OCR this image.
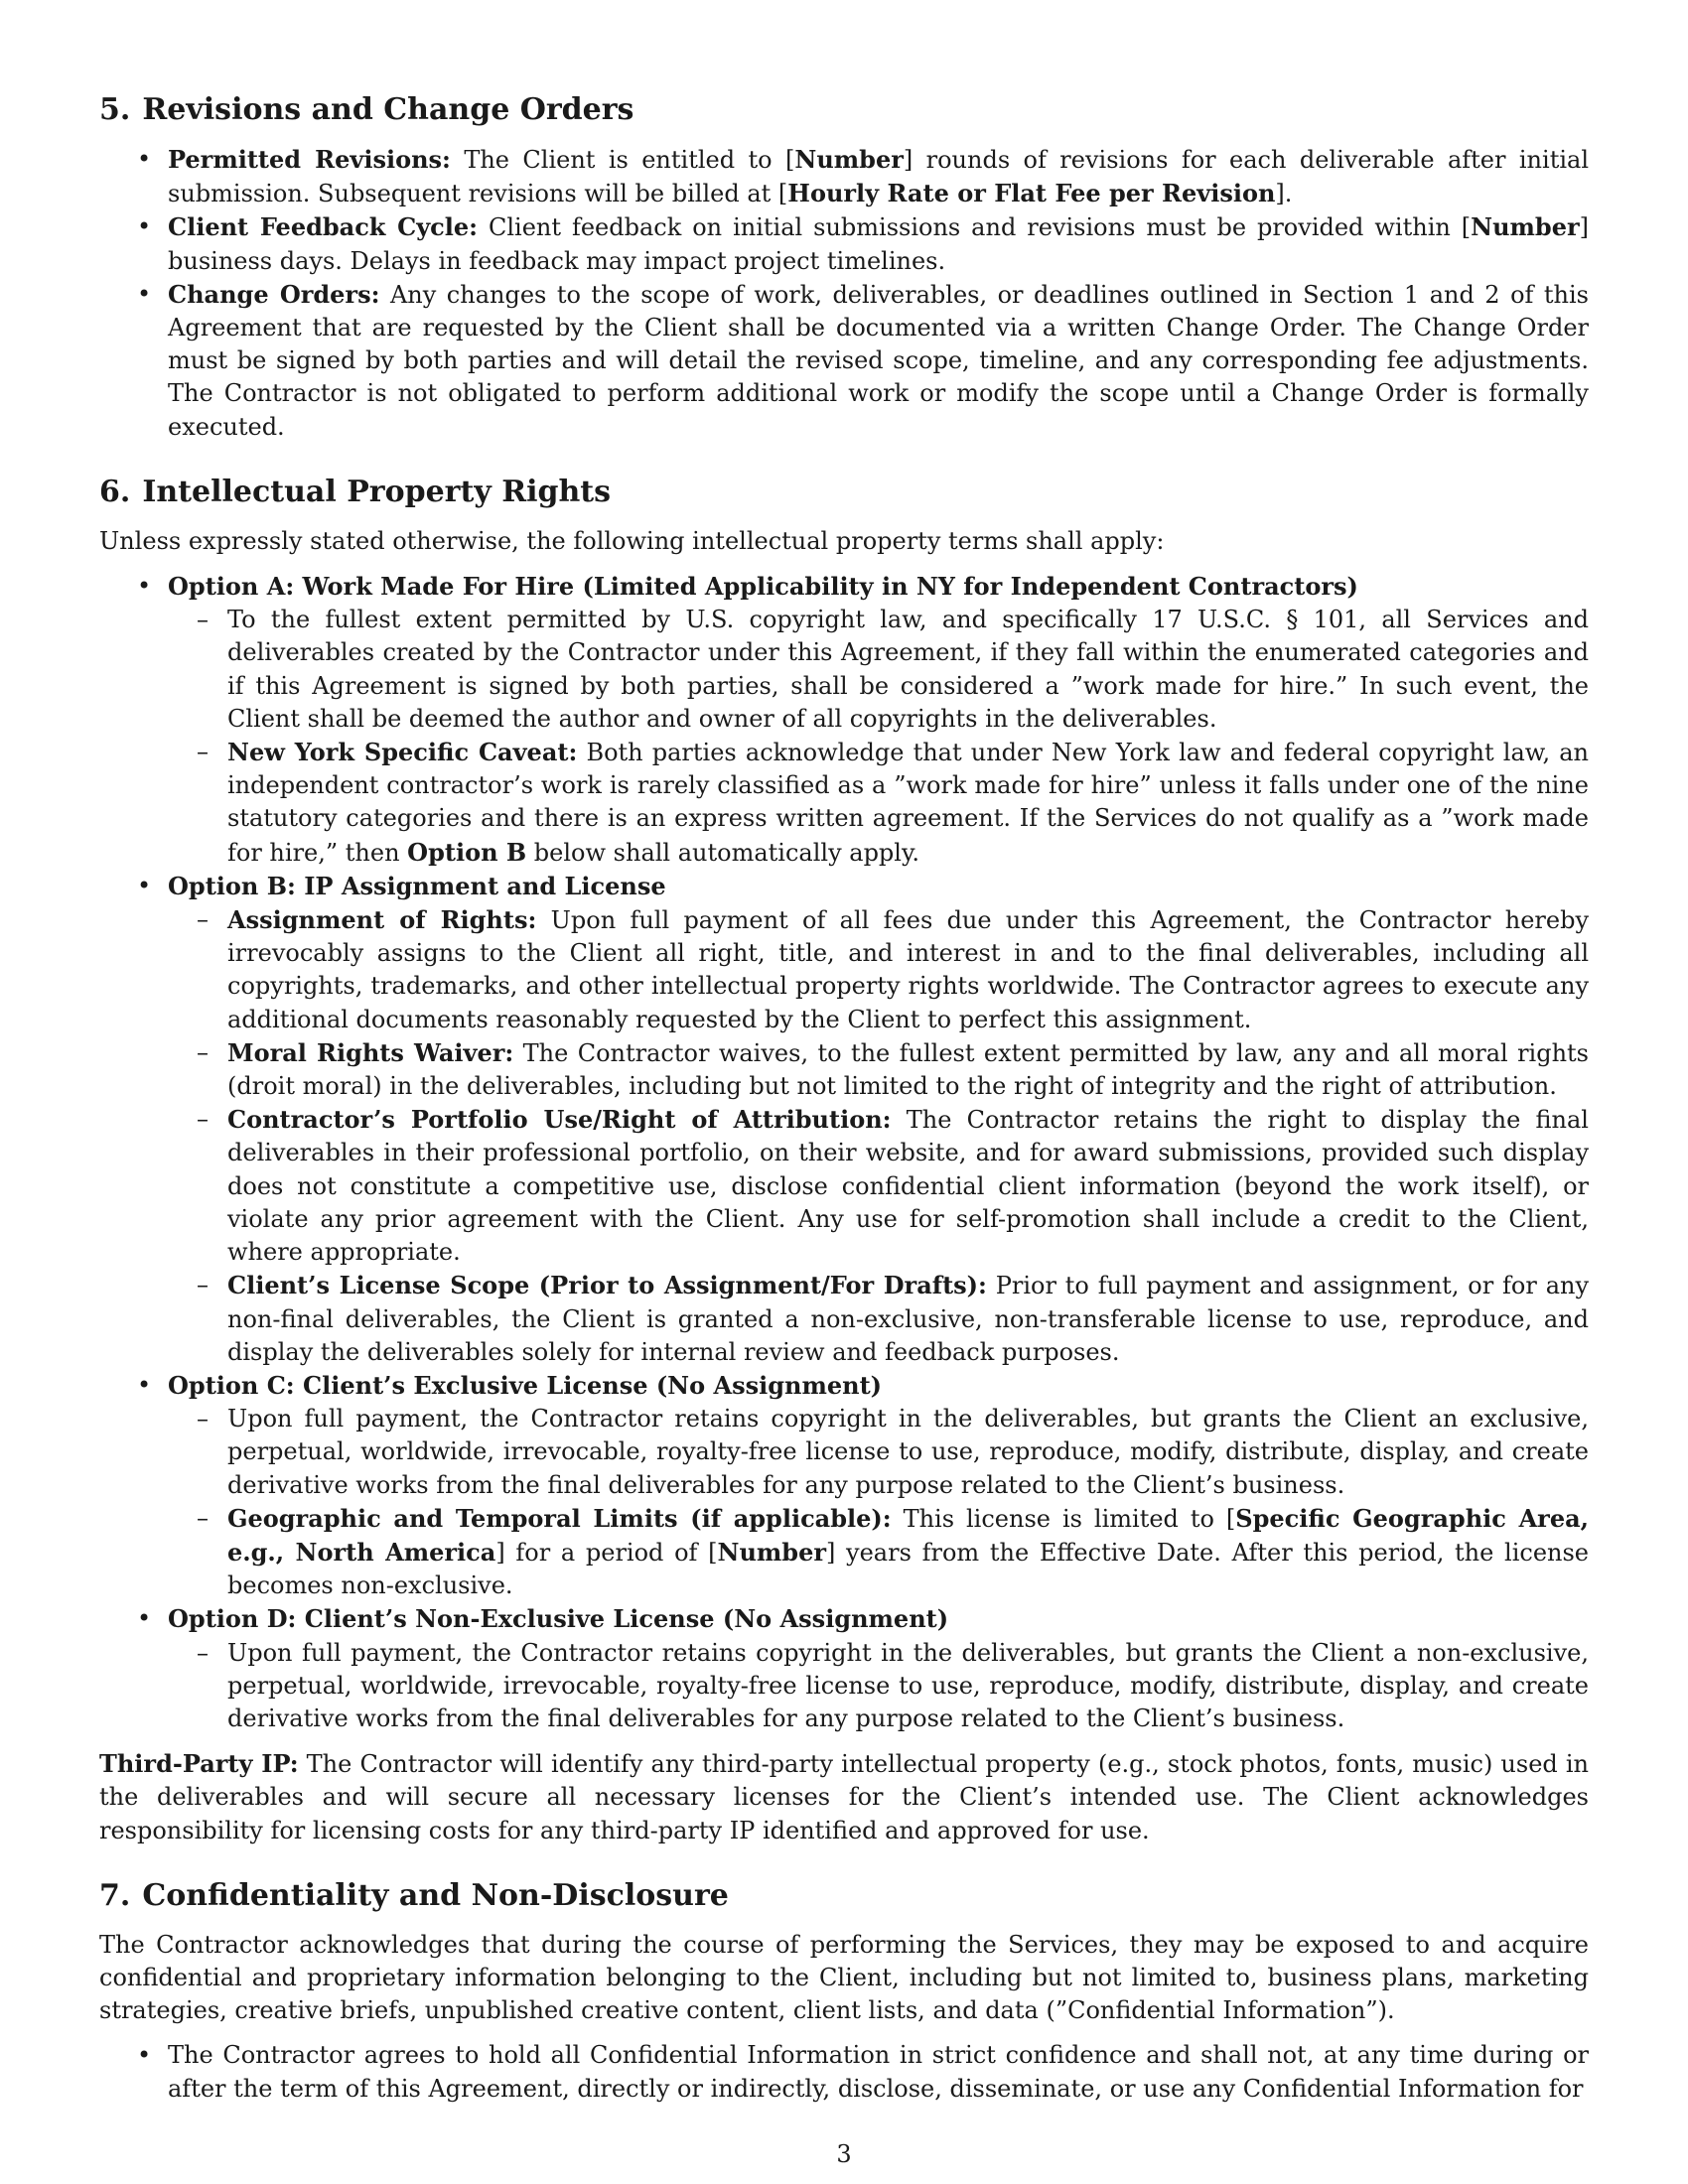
5. Revisions and Change Orders
• Permitted Revisions: The Client is entitled to [Number] rounds of revisions for each deliverable after initial submission. Subsequent revisions will be billed at [Hourly Rate or Flat Fee per Revision].
• Client Feedback Cycle: Client feedback on initial submissions and revisions must be provided within [Number] business days. Delays in feedback may impact project timelines.
• Change Orders: Any changes to the scope of work, deliverables, or deadlines outlined in Section 1 and 2 of this Agreement that are requested by the Client shall be documented via a written Change Order. The Change Order must be signed by both parties and will detail the revised scope, timeline, and any corresponding fee adjustments. The Contractor is not obligated to perform additional work or modify the scope until a Change Order is formally executed.
6. Intellectual Property Rights

Unless expressly stated otherwise, the following intellectual property terms shall apply:

• Option A: Work Made For Hire (Limited Applicability in NY for Independent Contractors)
– To the fullest extent permitted by U.S. copyright law, and specifically 17 U.S.C. § 101, all Services and deliverables created by the Contractor under this Agreement, if they fall within the enumerated categories and if this Agreement is signed by both parties, shall be considered a ”work made for hire.” In such event, the Client shall be deemed the author and owner of all copyrights in the deliverables.
– New York Specific Caveat: Both parties acknowledge that under New York law and federal copyright law, an independent contractor’s work is rarely classified as a ”work made for hire” unless it falls under one of the nine statutory categories and there is an express written agreement. If the Services do not qualify as a ”work made for hire,” then Option B below shall automatically apply.
• Option B: IP Assignment and License
– Assignment of Rights: Upon full payment of all fees due under this Agreement, the Contractor hereby irrevocably assigns to the Client all right, title, and interest in and to the final deliverables, including all copyrights, trademarks, and other intellectual property rights worldwide. The Contractor agrees to execute any additional documents reasonably requested by the Client to perfect this assignment.
– Moral Rights Waiver: The Contractor waives, to the fullest extent permitted by law, any and all moral rights (droit moral) in the deliverables, including but not limited to the right of integrity and the right of attribution.
– Contractor’s Portfolio Use/Right of Attribution: The Contractor retains the right to display the final deliverables in their professional portfolio, on their website, and for award submissions, provided such display does not constitute a competitive use, disclose confidential client information (beyond the work itself), or violate any prior agreement with the Client. Any use for self-promotion shall include a credit to the Client, where appropriate.
– Client’s License Scope (Prior to Assignment/For Drafts): Prior to full payment and assignment, or for any non-final deliverables, the Client is granted a non-exclusive, non-transferable license to use, reproduce, and display the deliverables solely for internal review and feedback purposes.
• Option C: Client’s Exclusive License (No Assignment)
– Upon full payment, the Contractor retains copyright in the deliverables, but grants the Client an exclusive, perpetual, worldwide, irrevocable, royalty-free license to use, reproduce, modify, distribute, display, and create derivative works from the final deliverables for any purpose related to the Client’s business.
– Geographic and Temporal Limits (if applicable): This license is limited to [Specific Geographic Area, e.g., North America] for a period of [Number] years from the Effective Date. After this period, the license becomes non-exclusive.
• Option D: Client’s Non-Exclusive License (No Assignment)
– Upon full payment, the Contractor retains copyright in the deliverables, but grants the Client a non-exclusive, perpetual, worldwide, irrevocable, royalty-free license to use, reproduce, modify, distribute, display, and create derivative works from the final deliverables for any purpose related to the Client’s business.

Third-Party IP: The Contractor will identify any third-party intellectual property (e.g., stock photos, fonts, music) used in the deliverables and will secure all necessary licenses for the Client’s intended use. The Client acknowledges responsibility for licensing costs for any third-party IP identified and approved for use.

7. Confidentiality and Non-Disclosure

The Contractor acknowledges that during the course of performing the Services, they may be exposed to and acquire confidential and proprietary information belonging to the Client, including but not limited to, business plans, marketing strategies, creative briefs, unpublished creative content, client lists, and data (”Confidential Information”).

• The Contractor agrees to hold all Confidential Information in strict confidence and shall not, at any time during or after the term of this Agreement, directly or indirectly, disclose, disseminate, or use any Confidential Information for
3
